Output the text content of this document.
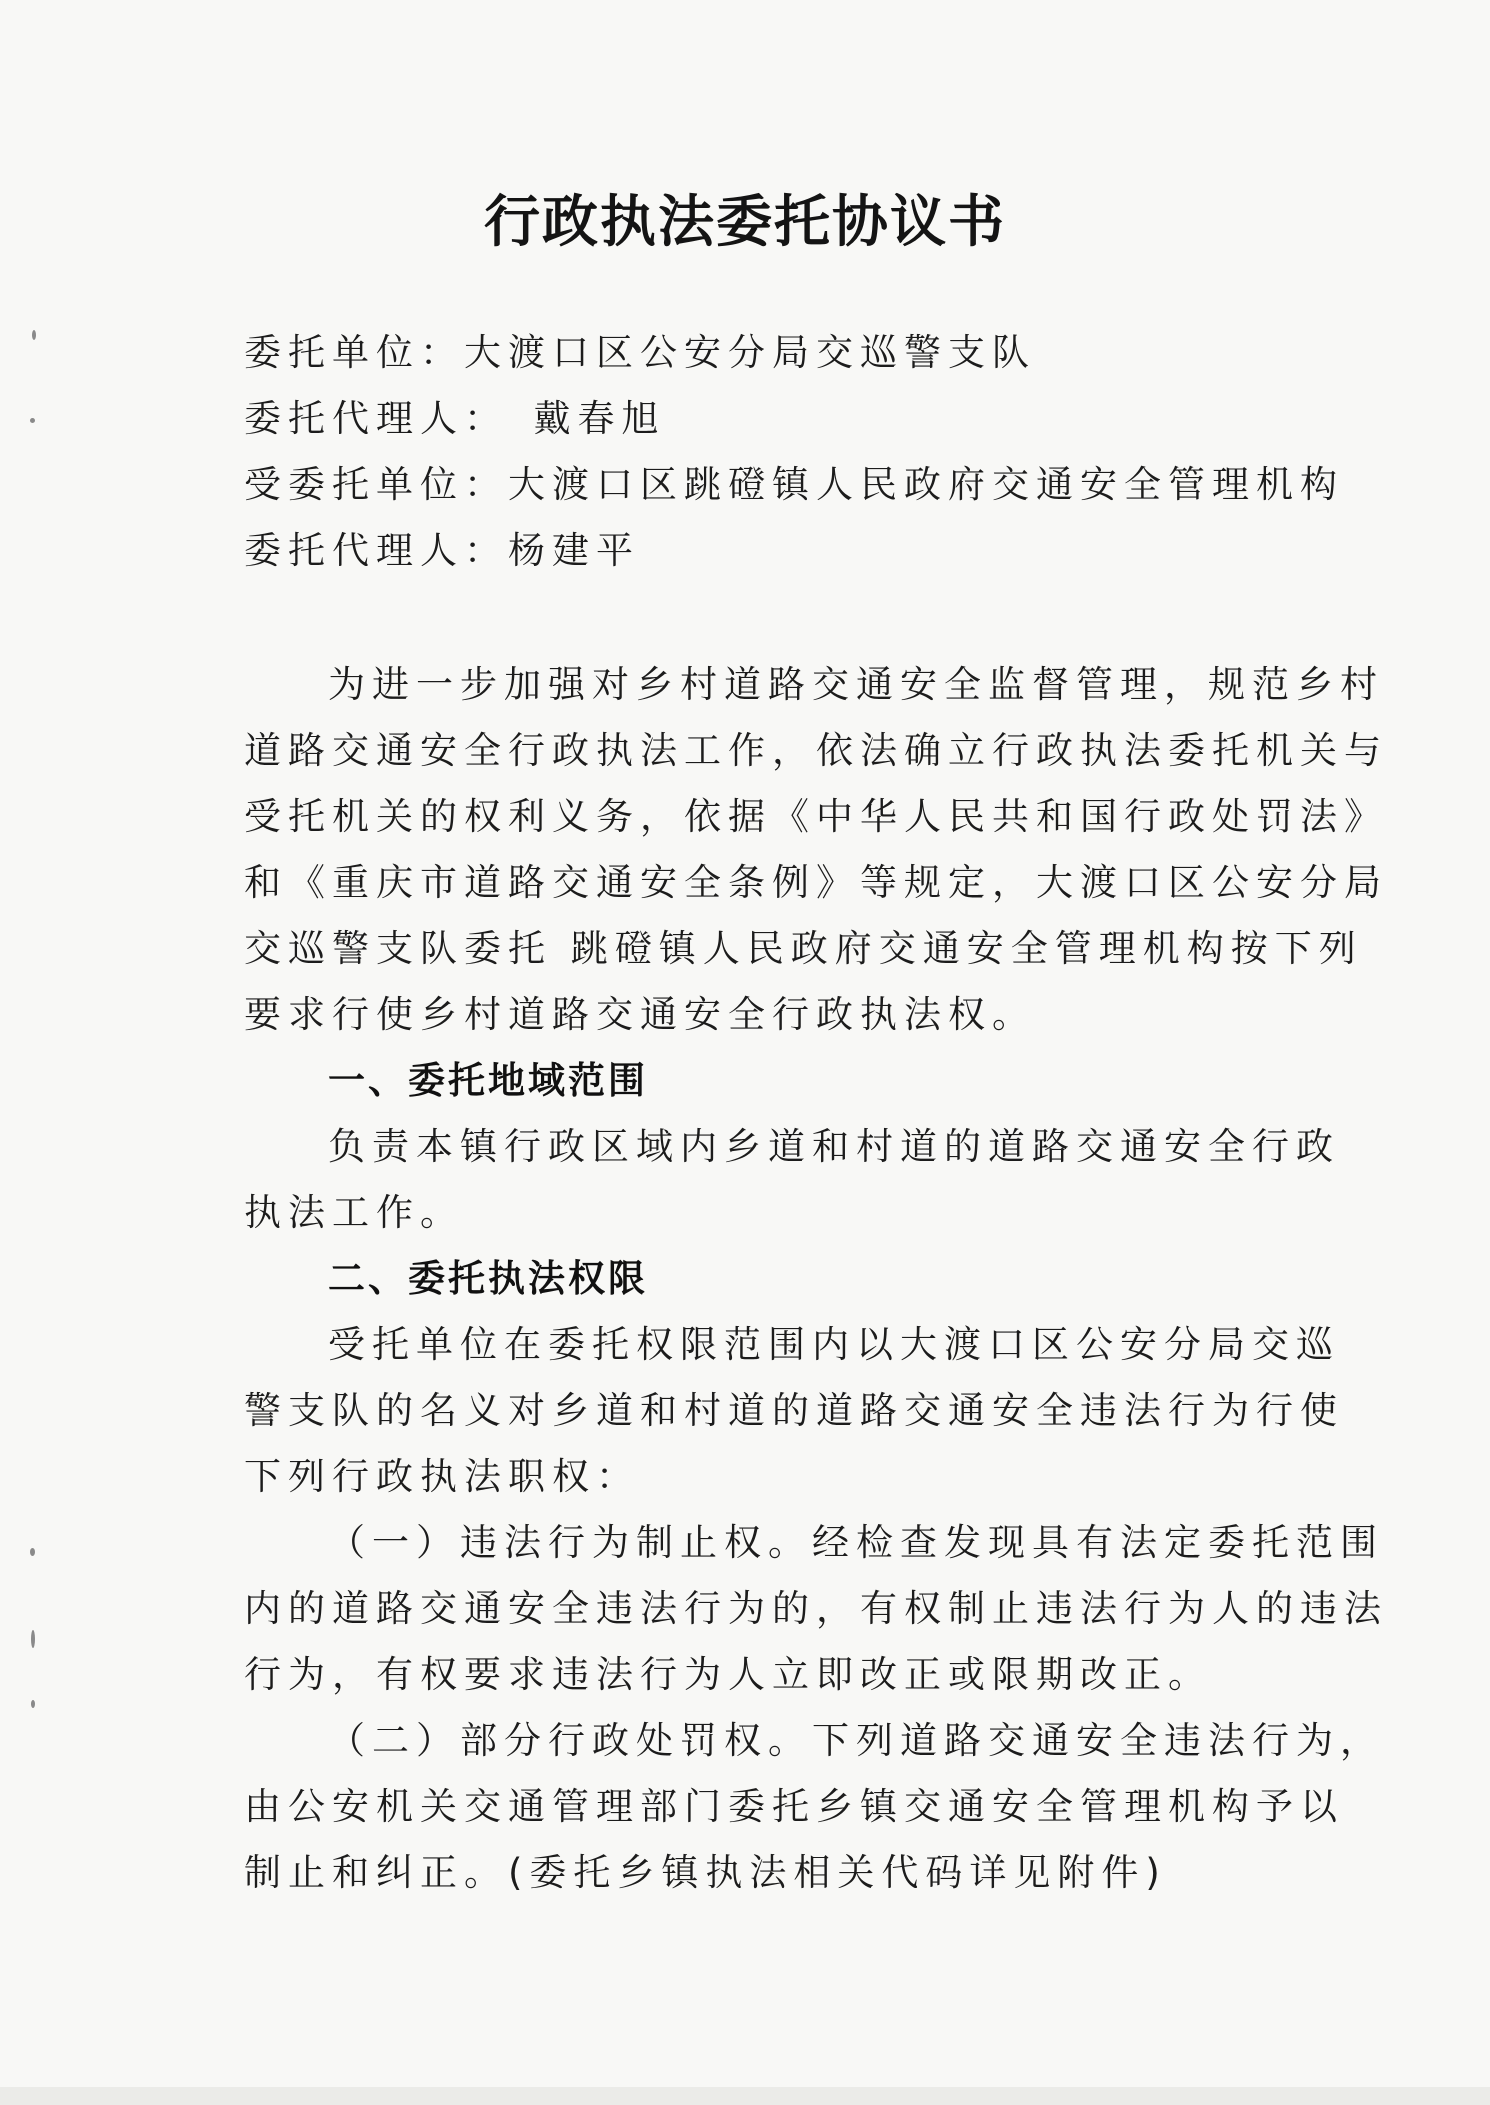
行政执法委托协议书
委托单位：大渡口区公安分局交巡警支队
委托代理人：　戴春旭
受委托单位：大渡口区跳磴镇人民政府交通安全管理机构
委托代理人：杨建平
为进一步加强对乡村道路交通安全监督管理，规范乡村
道路交通安全行政执法工作，依法确立行政执法委托机关与
受托机关的权利义务，依据《中华人民共和国行政处罚法》
和《重庆市道路交通安全条例》等规定，大渡口区公安分局
交巡警支队委托 跳磴镇人民政府交通安全管理机构按下列
要求行使乡村道路交通安全行政执法权。
一、委托地域范围
负责本镇行政区域内乡道和村道的道路交通安全行政
执法工作。
二、委托执法权限
受托单位在委托权限范围内以大渡口区公安分局交巡
警支队的名义对乡道和村道的道路交通安全违法行为行使
下列行政执法职权：
（一）违法行为制止权。经检查发现具有法定委托范围
内的道路交通安全违法行为的，有权制止违法行为人的违法
行为，有权要求违法行为人立即改正或限期改正。
（二）部分行政处罚权。下列道路交通安全违法行为，
由公安机关交通管理部门委托乡镇交通安全管理机构予以
制止和纠正。(委托乡镇执法相关代码详见附件)
